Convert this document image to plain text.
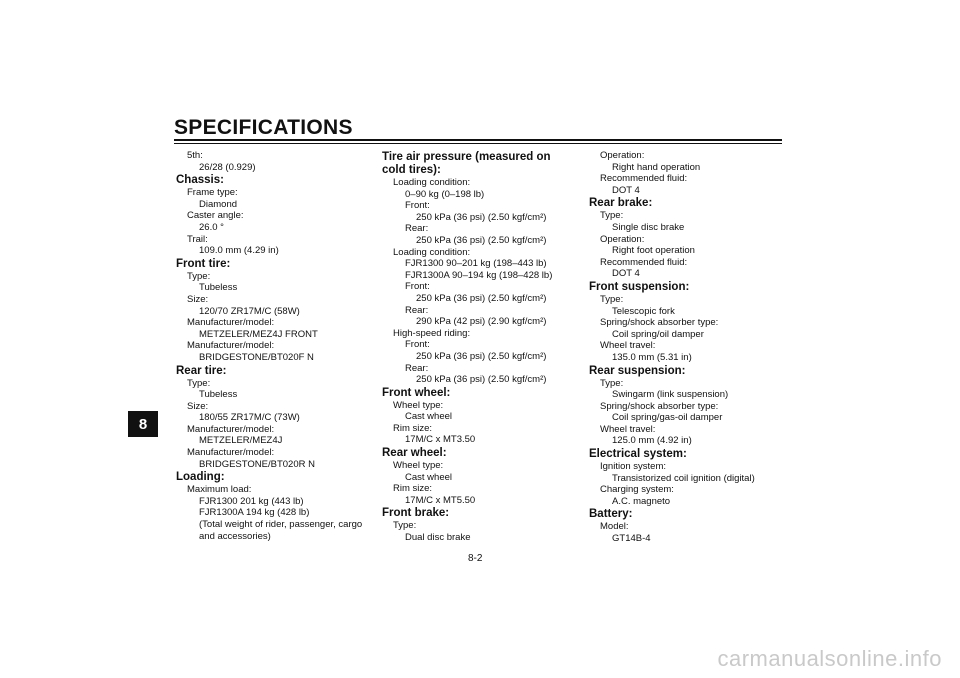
SPECIFICATIONS
8
5th:
26/28 (0.929)
Chassis:
Frame type:
Diamond
Caster angle:
26.0 °
Trail:
109.0 mm (4.29 in)
Front tire:
Type:
Tubeless
Size:
120/70 ZR17M/C (58W)
Manufacturer/model:
METZELER/MEZ4J FRONT
Manufacturer/model:
BRIDGESTONE/BT020F N
Rear tire:
Type:
Tubeless
Size:
180/55 ZR17M/C (73W)
Manufacturer/model:
METZELER/MEZ4J
Manufacturer/model:
BRIDGESTONE/BT020R N
Loading:
Maximum load:
FJR1300 201 kg (443 lb)
FJR1300A 194 kg (428 lb)
(Total weight of rider, passenger, cargo and accessories)
Tire air pressure (measured on cold tires):
Loading condition:
0–90 kg (0–198 lb)
Front:
250 kPa (36 psi) (2.50 kgf/cm²)
Rear:
250 kPa (36 psi) (2.50 kgf/cm²)
Loading condition:
FJR1300 90–201 kg (198–443 lb)
FJR1300A 90–194 kg (198–428 lb)
Front:
250 kPa (36 psi) (2.50 kgf/cm²)
Rear:
290 kPa (42 psi) (2.90 kgf/cm²)
High-speed riding:
Front:
250 kPa (36 psi) (2.50 kgf/cm²)
Rear:
250 kPa (36 psi) (2.50 kgf/cm²)
Front wheel:
Wheel type:
Cast wheel
Rim size:
17M/C x MT3.50
Rear wheel:
Wheel type:
Cast wheel
Rim size:
17M/C x MT5.50
Front brake:
Type:
Dual disc brake
Operation:
Right hand operation
Recommended fluid:
DOT 4
Rear brake:
Type:
Single disc brake
Operation:
Right foot operation
Recommended fluid:
DOT 4
Front suspension:
Type:
Telescopic fork
Spring/shock absorber type:
Coil spring/oil damper
Wheel travel:
135.0 mm (5.31 in)
Rear suspension:
Type:
Swingarm (link suspension)
Spring/shock absorber type:
Coil spring/gas-oil damper
Wheel travel:
125.0 mm (4.92 in)
Electrical system:
Ignition system:
Transistorized coil ignition (digital)
Charging system:
A.C. magneto
Battery:
Model:
GT14B-4
8-2
carmanualsonline.info
